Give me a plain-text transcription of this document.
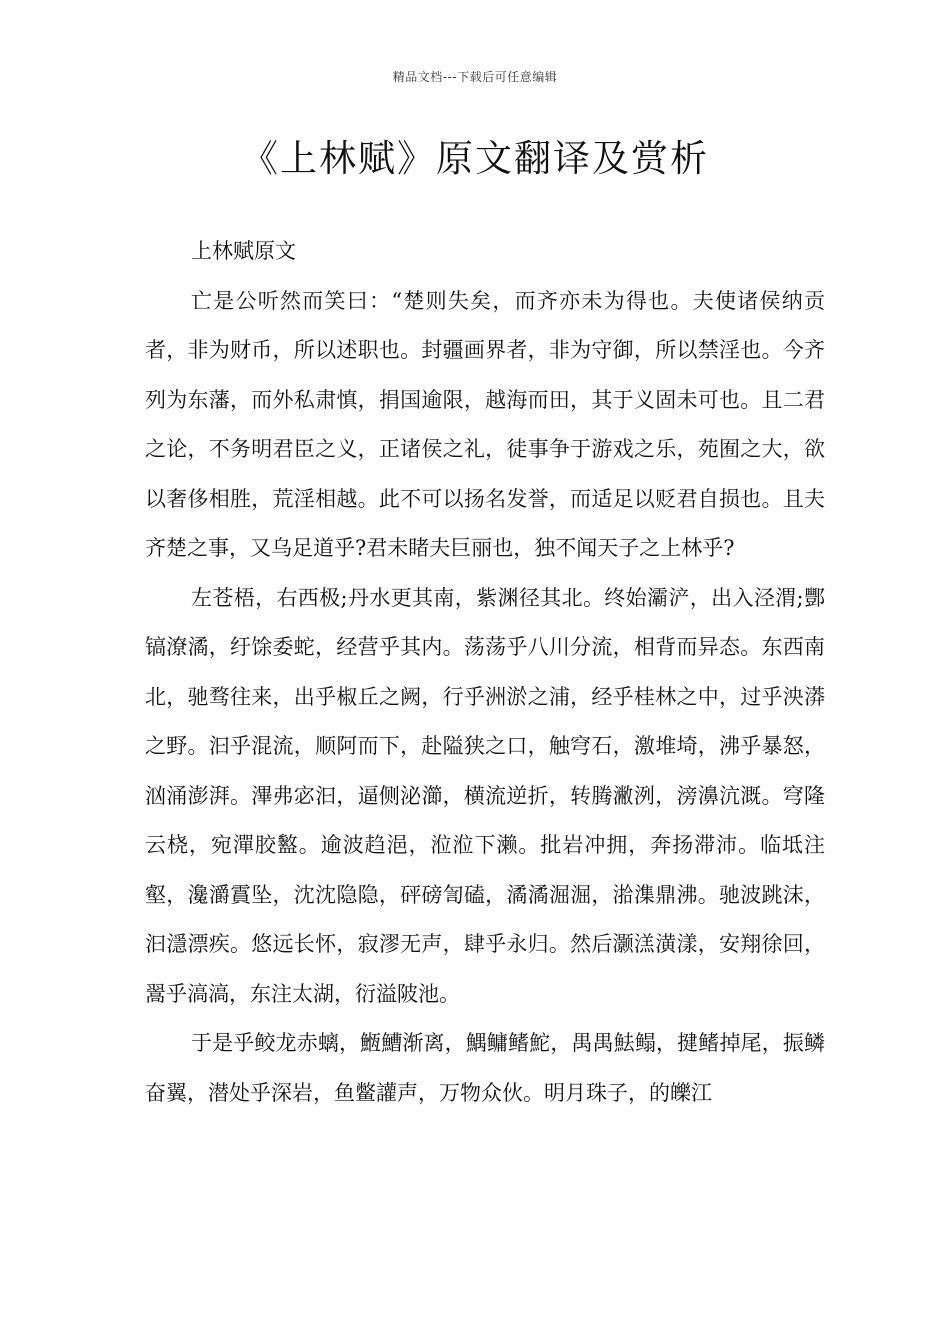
精品文档---下载后可任意编辑
《上林赋》原文翻译及赏析

上林赋原文

亡是公听然而笑曰：“楚则失矣，而齐亦未为得也。夫使诸侯纳贡者，非为财币，所以述职也。封疆画界者，非为守御，所以禁淫也。今齐列为东藩，而外私肃慎，捐国逾限，越海而田，其于义固未可也。且二君之论，不务明君臣之义，正诸侯之礼，徒事争于游戏之乐，苑囿之大，欲以奢侈相胜，荒淫相越。此不可以扬名发誉，而适足以贬君自损也。且夫齐楚之事，又乌足道乎?君未睹夫巨丽也，独不闻天子之上林乎?

左苍梧，右西极;丹水更其南，紫渊径其北。终始灞浐，出入泾渭;酆镐潦潏，纡馀委蛇，经营乎其内。荡荡乎八川分流，相背而异态。东西南北，驰骛往来，出乎椒丘之阙，行乎洲淤之浦，经乎桂林之中，过乎泱漭之野。汩乎混流，顺阿而下，赴隘狭之口，触穹石，激堆埼，沸乎暴怒，汹涌澎湃。滭弗宓汩，逼侧泌瀄，横流逆折，转腾潎洌，滂濞沆溉。穹隆云桡，宛潬胶盭。逾波趋浥，涖涖下濑。批岩冲拥，奔扬滞沛。临坻注壑，瀺灂霣坠，沈沈隐隐，砰磅訇磕，潏潏淈淈，湁潗鼎沸。驰波跳沫，汩濦漂疾。悠远长怀，寂漻无声，肆乎永归。然后灏溔潢漾，安翔徐回，翯乎滈滈，东注太湖，衍溢陂池。

于是乎鲛龙赤螭，䱭鰽渐离，鰅鳙鳍鮀，禺禺魼鳎，揵鳍掉尾，振鳞奋翼，潜处乎深岩，鱼鳖讙声，万物众伙。明月珠子，的皪江
